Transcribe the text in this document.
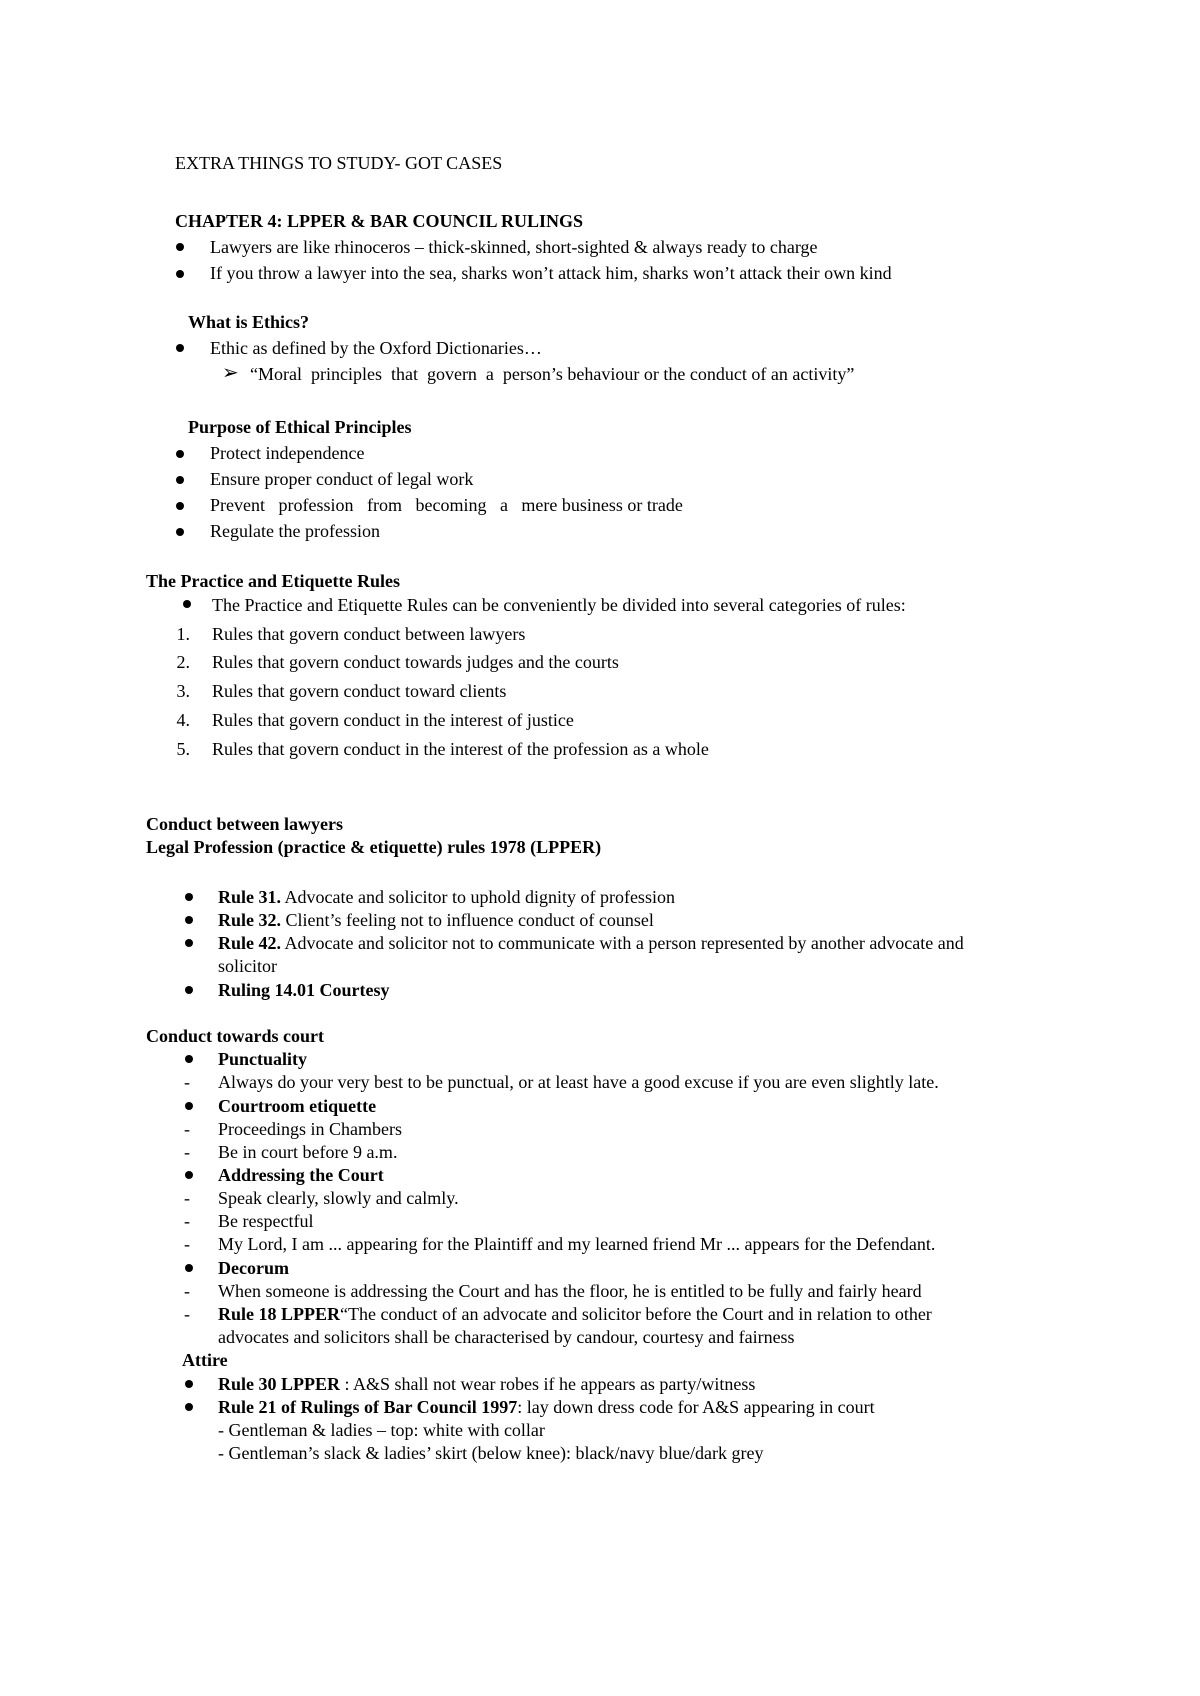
EXTRA THINGS TO STUDY- GOT CASES
CHAPTER 4: LPPER & BAR COUNCIL RULINGS
Lawyers are like rhinoceros – thick-skinned, short-sighted & always ready to charge
If you throw a lawyer into the sea, sharks won’t attack him, sharks won’t attack their own kind
What is Ethics?
Ethic as defined by the Oxford Dictionaries…
➢ “Moral  principles  that  govern  a  person’s behaviour or the conduct of an activity”
Purpose of Ethical Principles
Protect independence
Ensure proper conduct of legal work
Prevent   profession   from   becoming   a   mere business or trade
Regulate the profession
The Practice and Etiquette Rules
The Practice and Etiquette Rules can be conveniently be divided into several categories of rules:
1. Rules that govern conduct between lawyers
2. Rules that govern conduct towards judges and the courts
3. Rules that govern conduct toward clients
4. Rules that govern conduct in the interest of justice
5. Rules that govern conduct in the interest of the profession as a whole
Conduct between lawyers
Legal Profession (practice & etiquette) rules 1978 (LPPER)
Rule 31. Advocate and solicitor to uphold dignity of profession
Rule 32. Client’s feeling not to influence conduct of counsel
Rule 42. Advocate and solicitor not to communicate with a person represented by another advocate and
solicitor
Ruling 14.01 Courtesy
Conduct towards court
Punctuality
- Always do your very best to be punctual, or at least have a good excuse if you are even slightly late.
Courtroom etiquette
- Proceedings in Chambers
- Be in court before 9 a.m.
Addressing the Court
- Speak clearly, slowly and calmly.
- Be respectful
- My Lord, I am ... appearing for the Plaintiff and my learned friend Mr ... appears for the Defendant.
Decorum
- When someone is addressing the Court and has the floor, he is entitled to be fully and fairly heard
- Rule 18 LPPER“The conduct of an advocate and solicitor before the Court and in relation to other
advocates and solicitors shall be characterised by candour, courtesy and fairness
Attire
Rule 30 LPPER : A&S shall not wear robes if he appears as party/witness
Rule 21 of Rulings of Bar Council 1997: lay down dress code for A&S appearing in court
- Gentleman & ladies – top: white with collar
- Gentleman’s slack & ladies’ skirt (below knee): black/navy blue/dark grey
